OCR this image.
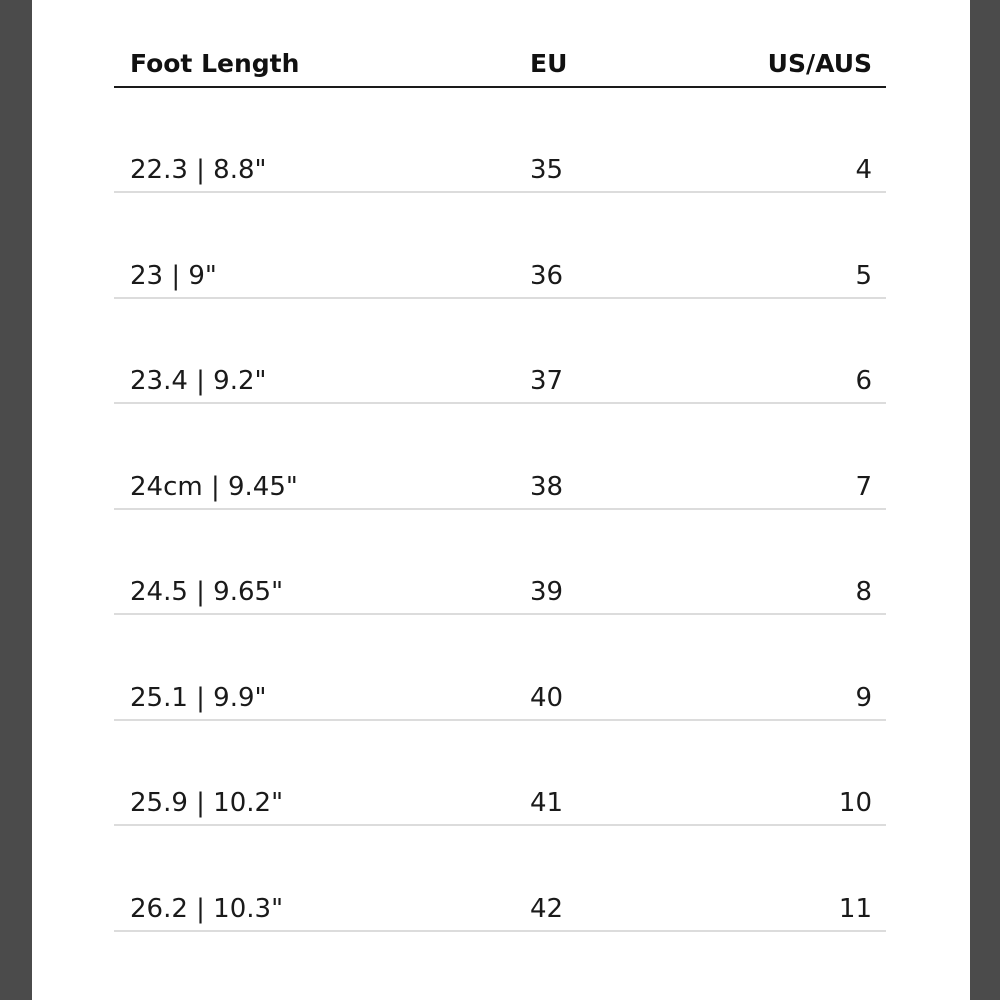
Foot Length	EU	US/AUS
22.3 | 8.8"	35	4
23 | 9"	36	5
23.4 | 9.2"	37	6
24cm | 9.45"	38	7
24.5 | 9.65"	39	8
25.1 | 9.9"	40	9
25.9 | 10.2"	41	10
26.2 | 10.3"	42	11
